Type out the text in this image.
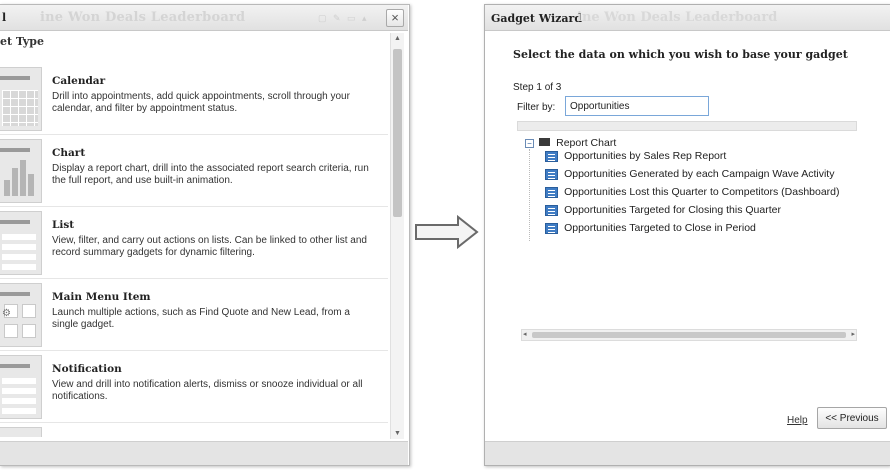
l	ine Won Deals Leaderboard	▢ ✎ ▭ ▴	×
et Type
Calendar
Drill into appointments, add quick appointments, scroll through your calendar, and filter by appointment status.
Chart
Display a report chart, drill into the associated report search criteria, run the full report, and use built-in animation.
List
View, filter, and carry out actions on lists. Can be linked to other list and record summary gadgets for dynamic filtering.
⚙
Main Menu Item
Launch multiple actions, such as Find Quote and New Lead, from a single gadget.
Notification
View and drill into notification alerts, dismiss or snooze individual or all notifications.
▲
▼
Gadget Wizard
ine Won Deals Leaderboard
Select the data on which you wish to base your gadget
Step 1 of 3
Filter by:
Opportunities
− Report Chart
Opportunities by Sales Rep Report
Opportunities Generated by each Campaign Wave Activity
Opportunities Lost this Quarter to Competitors (Dashboard)
Opportunities Targeted for Closing this Quarter
Opportunities Targeted to Close in Period
◂	▸
Help	<< Previous
